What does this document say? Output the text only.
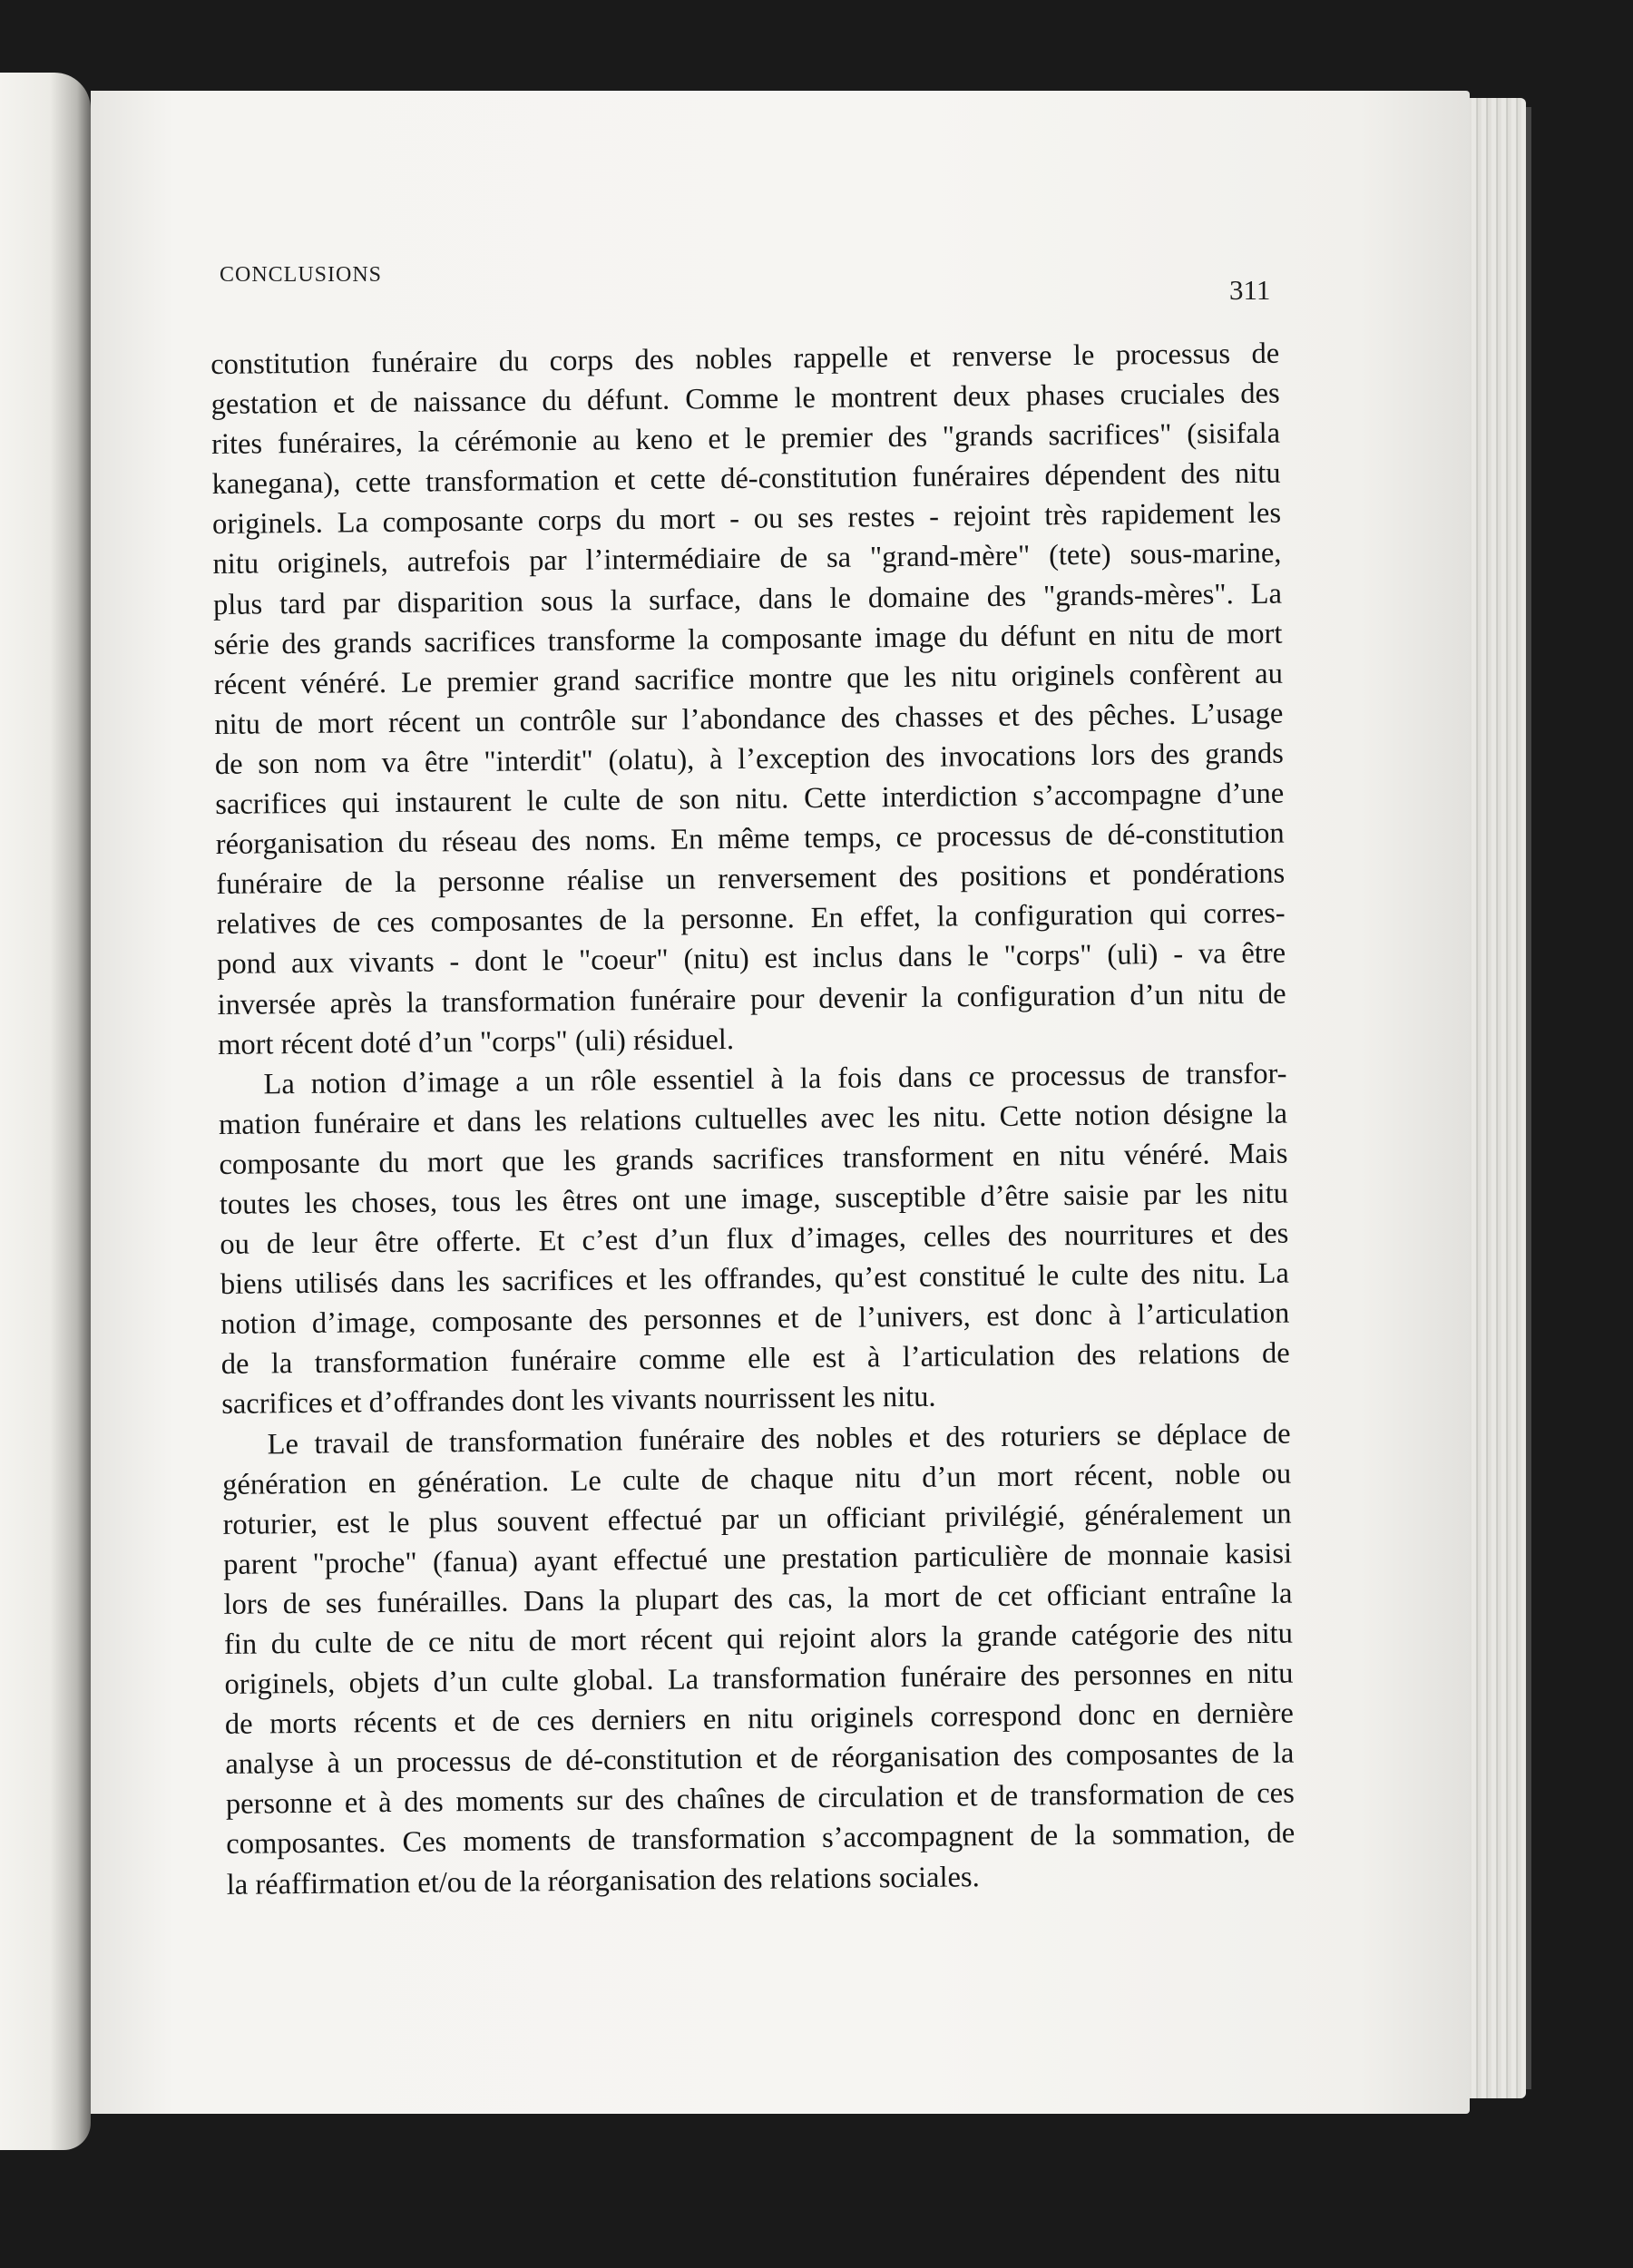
CONCLUSIONS	311
constitution funéraire du corps des nobles rappelle et renverse le processus de
gestation et de naissance du défunt. Comme le montrent deux phases cruciales des
rites funéraires, la cérémonie au keno et le premier des "grands sacrifices" (sisifala
kanegana), cette transformation et cette dé-constitution funéraires dépendent des nitu
originels. La composante corps du mort - ou ses restes - rejoint très rapidement les
nitu originels, autrefois par l’intermédiaire de sa "grand-mère" (tete) sous-marine,
plus tard par disparition sous la surface, dans le domaine des "grands-mères". La
série des grands sacrifices transforme la composante image du défunt en nitu de mort
récent vénéré. Le premier grand sacrifice montre que les nitu originels confèrent au
nitu de mort récent un contrôle sur l’abondance des chasses et des pêches. L’usage
de son nom va être "interdit" (olatu), à l’exception des invocations lors des grands
sacrifices qui instaurent le culte de son nitu. Cette interdiction s’accompagne d’une
réorganisation du réseau des noms. En même temps, ce processus de dé-constitution
funéraire de la personne réalise un renversement des positions et pondérations
relatives de ces composantes de la personne. En effet, la configuration qui corres-
pond aux vivants - dont le "coeur" (nitu) est inclus dans le "corps" (uli) - va être
inversée après la transformation funéraire pour devenir la configuration d’un nitu de
mort récent doté d’un "corps" (uli) résiduel.
La notion d’image a un rôle essentiel à la fois dans ce processus de transfor-
mation funéraire et dans les relations cultuelles avec les nitu. Cette notion désigne la
composante du mort que les grands sacrifices transforment en nitu vénéré. Mais
toutes les choses, tous les êtres ont une image, susceptible d’être saisie par les nitu
ou de leur être offerte. Et c’est d’un flux d’images, celles des nourritures et des
biens utilisés dans les sacrifices et les offrandes, qu’est constitué le culte des nitu. La
notion d’image, composante des personnes et de l’univers, est donc à l’articulation
de la transformation funéraire comme elle est à l’articulation des relations de
sacrifices et d’offrandes dont les vivants nourrissent les nitu.
Le travail de transformation funéraire des nobles et des roturiers se déplace de
génération en génération. Le culte de chaque nitu d’un mort récent, noble ou
roturier, est le plus souvent effectué par un officiant privilégié, généralement un
parent "proche" (fanua) ayant effectué une prestation particulière de monnaie kasisi
lors de ses funérailles. Dans la plupart des cas, la mort de cet officiant entraîne la
fin du culte de ce nitu de mort récent qui rejoint alors la grande catégorie des nitu
originels, objets d’un culte global. La transformation funéraire des personnes en nitu
de morts récents et de ces derniers en nitu originels correspond donc en dernière
analyse à un processus de dé-constitution et de réorganisation des composantes de la
personne et à des moments sur des chaînes de circulation et de transformation de ces
composantes. Ces moments de transformation s’accompagnent de la sommation, de
la réaffirmation et/ou de la réorganisation des relations sociales.
